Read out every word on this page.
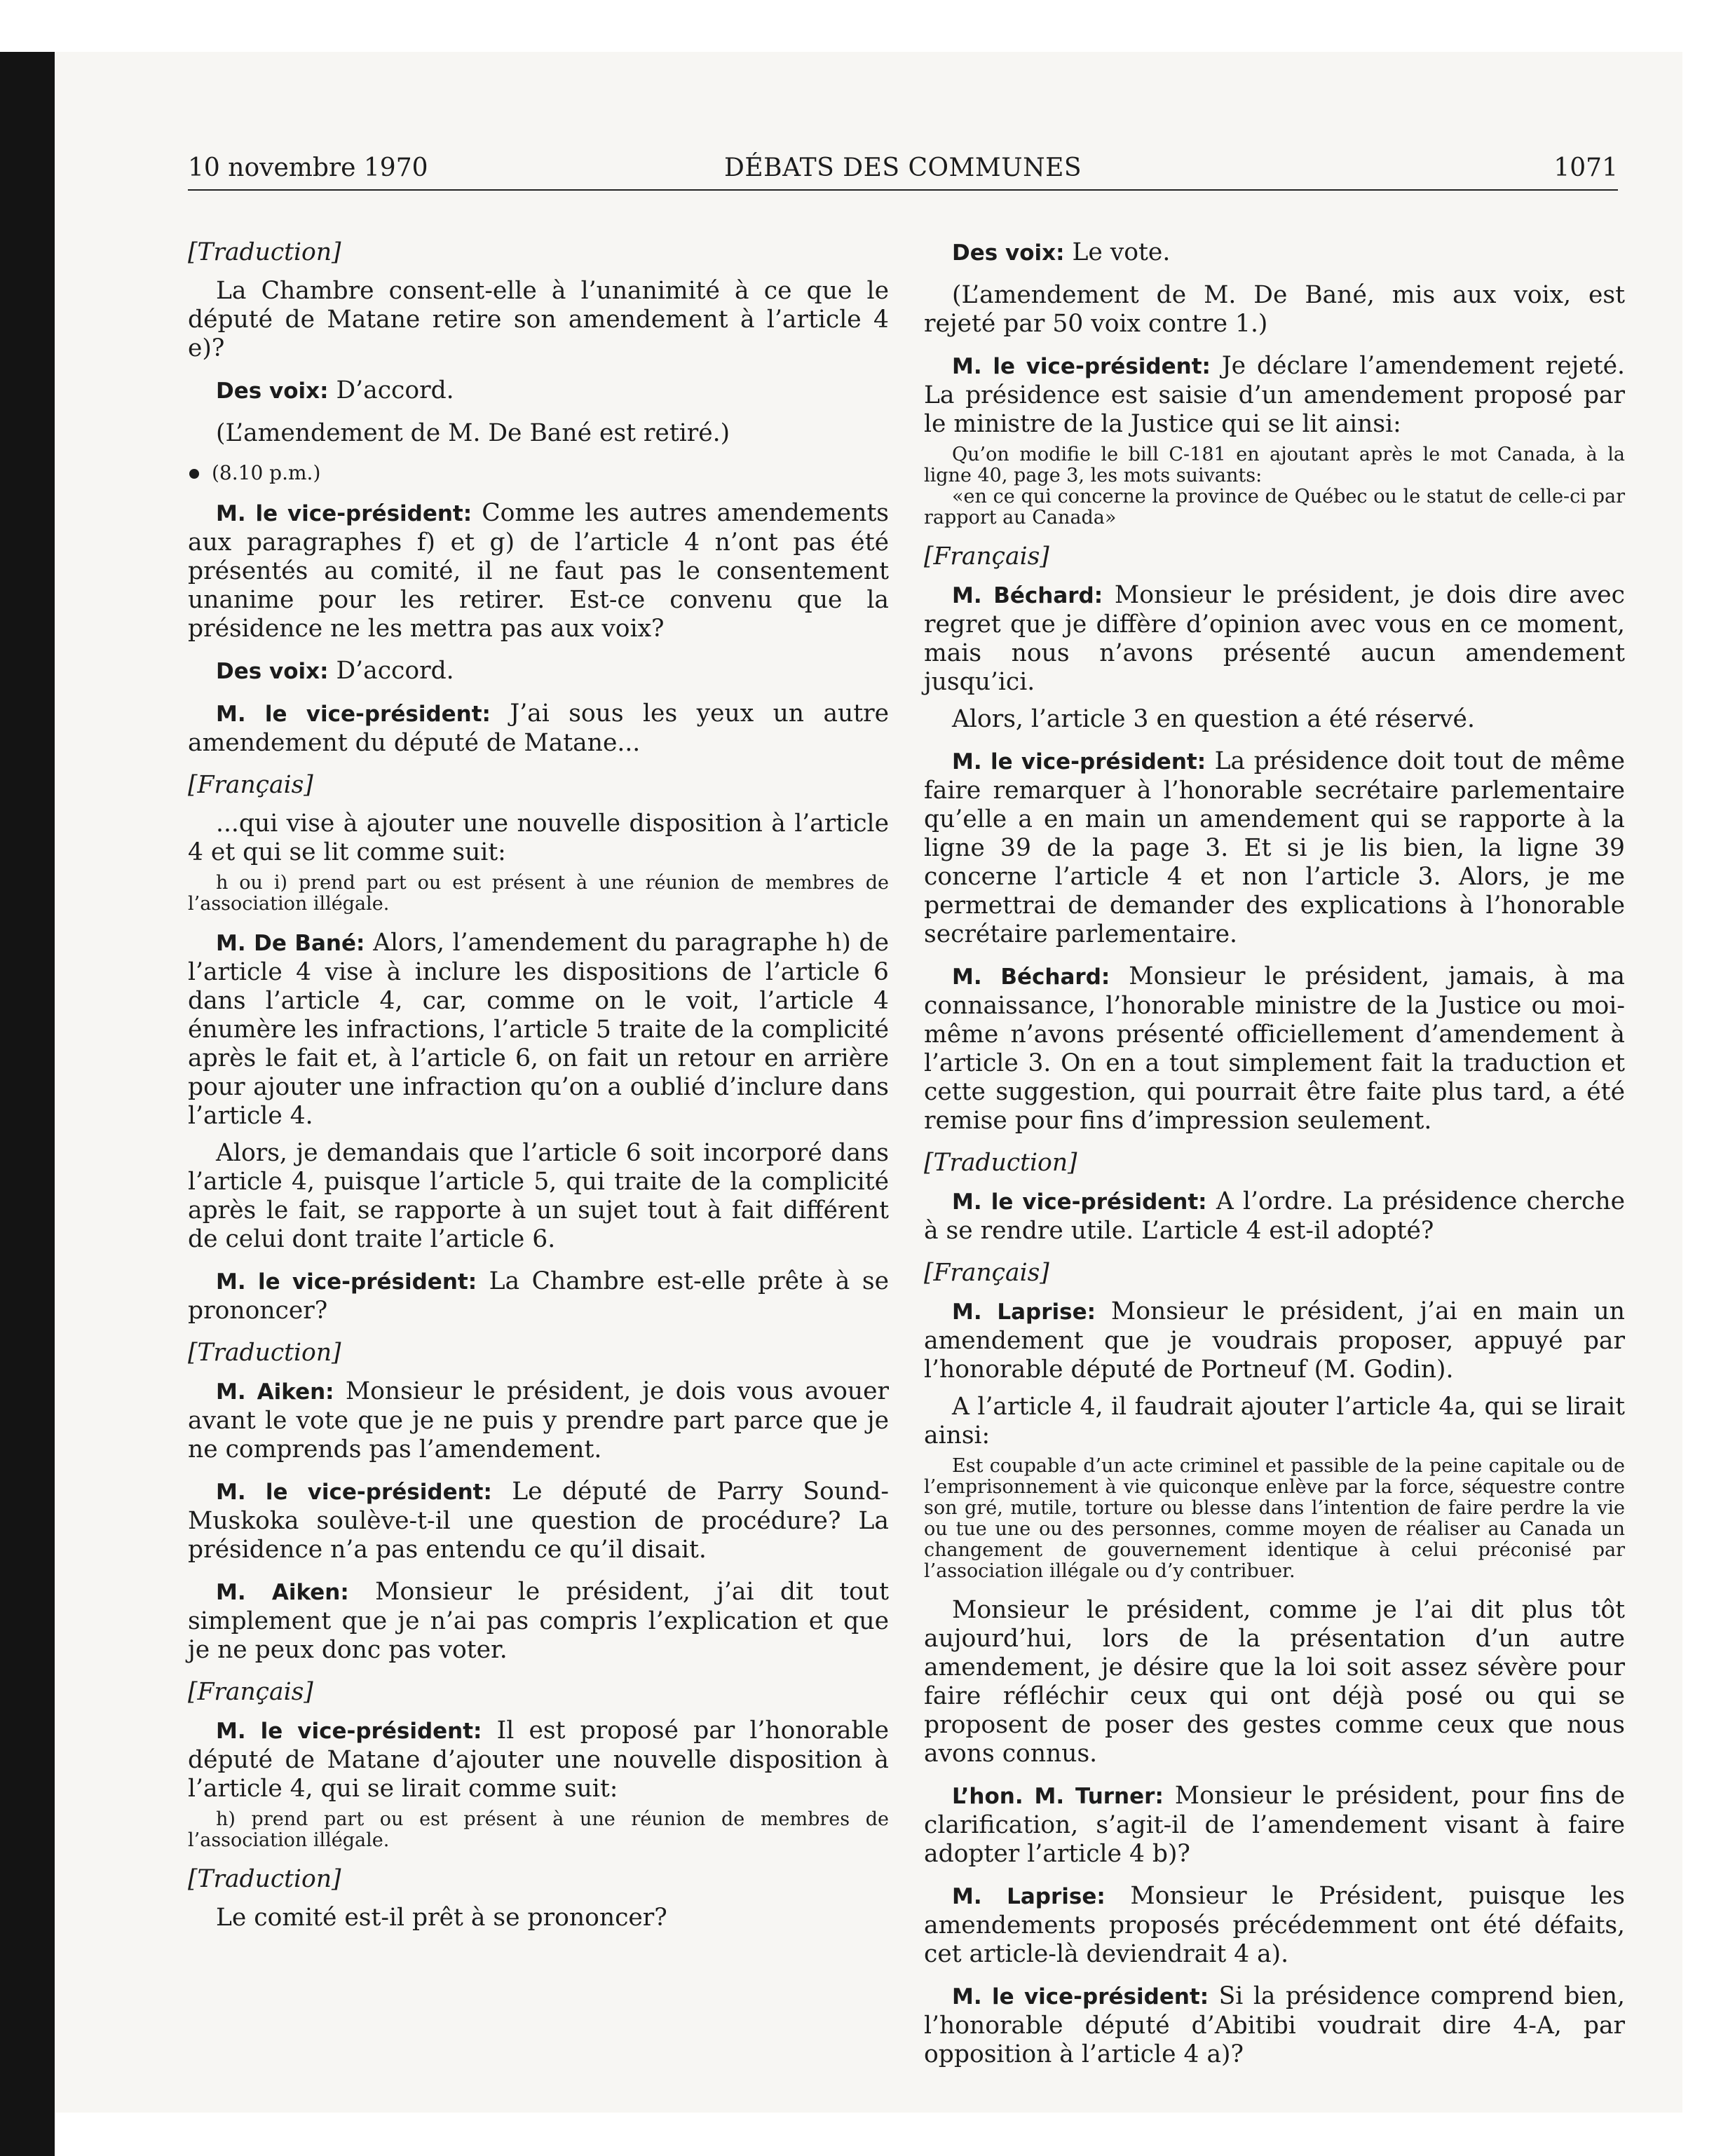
10 novembre 1970	DÉBATS DES COMMUNES	1071

[Traduction]

La Chambre consent-elle à l’unanimité à ce que le député de Matane retire son amendement à l’article 4 e)?

Des voix: D’accord.

(L’amendement de M. De Bané est retiré.)

(8.10 p.m.)

M. le vice-président: Comme les autres amendements aux paragraphes f) et g) de l’article 4 n’ont pas été présentés au comité, il ne faut pas le consentement unanime pour les retirer. Est-ce convenu que la présidence ne les mettra pas aux voix?

Des voix: D’accord.

M. le vice-président: J’ai sous les yeux un autre amendement du député de Matane...

[Français]

...qui vise à ajouter une nouvelle disposition à l’article 4 et qui se lit comme suit:

h ou i) prend part ou est présent à une réunion de membres de l’association illégale.

M. De Bané: Alors, l’amendement du paragraphe h) de l’article 4 vise à inclure les dispositions de l’article 6 dans l’article 4, car, comme on le voit, l’article 4 énumère les infractions, l’article 5 traite de la complicité après le fait et, à l’article 6, on fait un retour en arrière pour ajouter une infraction qu’on a oublié d’inclure dans l’article 4.

Alors, je demandais que l’article 6 soit incorporé dans l’article 4, puisque l’article 5, qui traite de la complicité après le fait, se rapporte à un sujet tout à fait différent de celui dont traite l’article 6.

M. le vice-président: La Chambre est-elle prête à se prononcer?

[Traduction]

M. Aiken: Monsieur le président, je dois vous avouer avant le vote que je ne puis y prendre part parce que je ne comprends pas l’amendement.

M. le vice-président: Le député de Parry Sound-Muskoka soulève-t-il une question de procédure? La présidence n’a pas entendu ce qu’il disait.

M. Aiken: Monsieur le président, j’ai dit tout simplement que je n’ai pas compris l’explication et que je ne peux donc pas voter.

[Français]

M. le vice-président: Il est proposé par l’honorable député de Matane d’ajouter une nouvelle disposition à l’article 4, qui se lirait comme suit:

h) prend part ou est présent à une réunion de membres de l’association illégale.

[Traduction]

Le comité est-il prêt à se prononcer?

Des voix: Le vote.

(L’amendement de M. De Bané, mis aux voix, est rejeté par 50 voix contre 1.)

M. le vice-président: Je déclare l’amendement rejeté. La présidence est saisie d’un amendement proposé par le ministre de la Justice qui se lit ainsi:

Qu’on modifie le bill C-181 en ajoutant après le mot Canada, à la ligne 40, page 3, les mots suivants:

«en ce qui concerne la province de Québec ou le statut de celle-ci par rapport au Canada»

[Français]

M. Béchard: Monsieur le président, je dois dire avec regret que je diffère d’opinion avec vous en ce moment, mais nous n’avons présenté aucun amendement jusqu’ici.

Alors, l’article 3 en question a été réservé.

M. le vice-président: La présidence doit tout de même faire remarquer à l’honorable secrétaire parlementaire qu’elle a en main un amendement qui se rapporte à la ligne 39 de la page 3. Et si je lis bien, la ligne 39 concerne l’article 4 et non l’article 3. Alors, je me permettrai de demander des explications à l’honorable secrétaire parlementaire.

M. Béchard: Monsieur le président, jamais, à ma connaissance, l’honorable ministre de la Justice ou moi-même n’avons présenté officiellement d’amendement à l’article 3. On en a tout simplement fait la traduction et cette suggestion, qui pourrait être faite plus tard, a été remise pour fins d’impression seulement.

[Traduction]

M. le vice-président: A l’ordre. La présidence cherche à se rendre utile. L’article 4 est-il adopté?

[Français]

M. Laprise: Monsieur le président, j’ai en main un amendement que je voudrais proposer, appuyé par l’honorable député de Portneuf (M. Godin).

A l’article 4, il faudrait ajouter l’article 4a, qui se lirait ainsi:

Est coupable d’un acte criminel et passible de la peine capitale ou de l’emprisonnement à vie quiconque enlève par la force, séquestre contre son gré, mutile, torture ou blesse dans l’intention de faire perdre la vie ou tue une ou des personnes, comme moyen de réaliser au Canada un changement de gouvernement identique à celui préconisé par l’association illégale ou d’y contribuer.

Monsieur le président, comme je l’ai dit plus tôt aujourd’hui, lors de la présentation d’un autre amendement, je désire que la loi soit assez sévère pour faire réfléchir ceux qui ont déjà posé ou qui se proposent de poser des gestes comme ceux que nous avons connus.

L’hon. M. Turner: Monsieur le président, pour fins de clarification, s’agit-il de l’amendement visant à faire adopter l’article 4 b)?

M. Laprise: Monsieur le Président, puisque les amendements proposés précédemment ont été défaits, cet article-là deviendrait 4 a).

M. le vice-président: Si la présidence comprend bien, l’honorable député d’Abitibi voudrait dire 4-A, par opposition à l’article 4 a)?
